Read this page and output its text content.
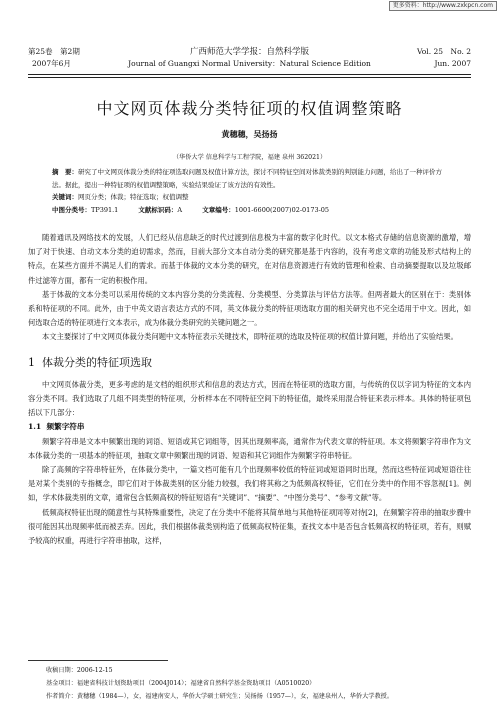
更多资料：http://www.zxkpcn.com
第25卷　第2期
2007年6月
广西师范大学学报：自然科学版
Journal of Guangxi Normal University：Natural Science Edition
Vol. 25　No. 2
Jun. 2007
中文网页体裁分类特征项的权值调整策略
黄穗穗，吴扬扬
（华侨大学 信息科学与工程学院，福建 泉州 362021）
摘　要：研究了中文网页体裁分类的特征项选取问题及权值计算方法，探讨不同特征空间对体裁类别的判别能力问题，给出了一种评价方法。据此，提出一种特征项的权值调整策略，实验结果验证了该方法的有效性。
关键词：网页分类；体裁；特征选取；权值调整
中图分类号：TP391.1	文献标识码：A	文章编号：1001-6600(2007)02-0173-05

随着通讯及网络技术的发展，人们已经从信息缺乏的时代过渡到信息极为丰富的数字化时代。以文本格式存储的信息资源的激增，增加了对于快速、自动文本分类的迫切需求，然而，目前大部分文本自动分类的研究都是基于内容的，没有考虑文章的功能及形式结构上的特点，在某些方面并不满足人们的需求。而基于体裁的文本分类的研究，在对信息资源进行有效的管理和检索、自动摘要提取以及垃圾邮件过滤等方面，都有一定的积极作用。

基于体裁的文本分类可以采用传统的文本内容分类的分类流程、分类模型、分类算法与评估方法等。但两者最大的区别在于：类别体系和特征项的不同。此外，由于中英文语言表达方式的不同，英文体裁分类的特征项选取方面的相关研究也不完全适用于中文。因此，如何选取合适的特征项进行文本表示，成为体裁分类研究的关键问题之一。

本文主要探讨了中文网页体裁分类问题中文本特征表示关键技术，即特征项的选取及特征项的权值计算问题，并给出了实验结果。

1 体裁分类的特征项选取

中文网页体裁分类，更多考虑的是文档的组织形式和信息的表达方式，因而在特征项的选取方面，与传统的仅以字词为特征的文本内容分类不同。我们选取了几组不同类型的特征项，分析样本在不同特征空间下的特征值，最终采用混合特征来表示样本。具体的特征项包括以下几部分：

1.1 频繁字符串

频繁字符串是文本中频繁出现的词语、短语或其它词组等，因其出现频率高，通常作为代表文章的特征项。本文将频繁字符串作为文本体裁分类的一项基本的特征项，抽取文章中频繁出现的词语、短语和其它词组作为频繁字符串特征。

除了高频的字符串特征外，在体裁分类中，一篇文档可能有几个出现频率较低的特征词或短语同时出现，然而这些特征词或短语往往是对某个类别的专指概念，即它们对于体裁类别的区分能力较强，我们将其称之为低频高权特征，它们在分类中的作用不容忽视[1]。例如，学术体裁类别的文章，通常包含低频高权的特征短语有“关键词”、“摘要”、“中图分类号”、“参考文献”等。

低频高权特征出现的随意性与其特殊重要性，决定了在分类中不能将其简单地与其他特征项同等对待[2]，在频繁字符串的抽取步骤中很可能因其出现频率低而被丢弃。因此，我们根据体裁类别构造了低频高权特征集，查找文本中是否包含低频高权的特征项，若有，则赋予较高的权重，再进行字符串抽取，这样，

收稿日期：2006-12-15
基金项目：福建省科技计划资助项目（2004J014）；福建省自然科学基金资助项目（A0510020）
作者简介：黄穗穗（1984—），女，福建南安人，华侨大学硕士研究生；吴扬扬（1957—），女，福建泉州人，华侨大学教授。
